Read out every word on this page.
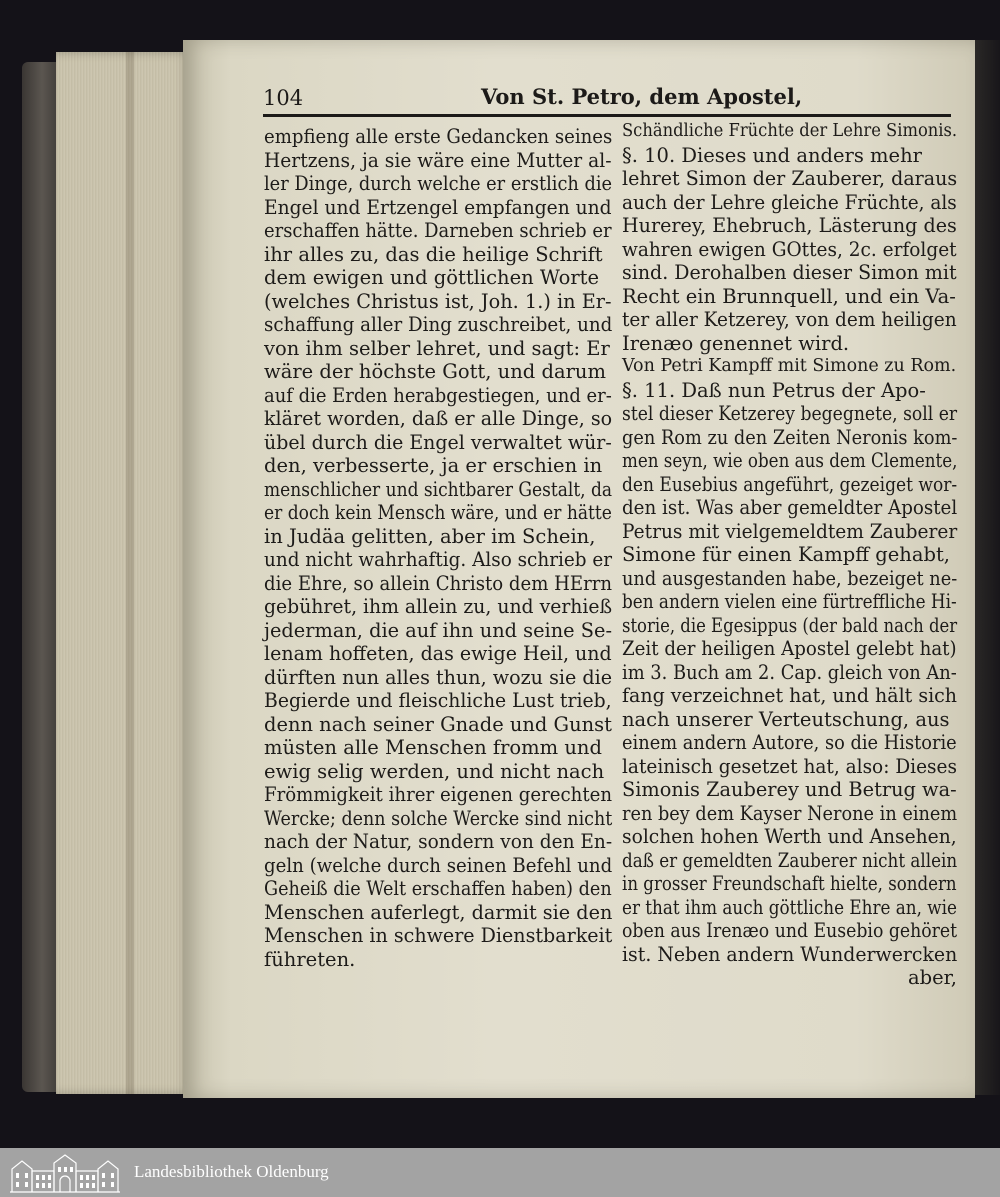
104	Von St. Petro, dem Apostel,
empfieng alle erste Gedancken seines
Hertzens, ja sie wäre eine Mutter al-
ler Dinge, durch welche er erstlich die
Engel und Ertzengel empfangen und
erschaffen hätte. Darneben schrieb er
ihr alles zu, das die heilige Schrift
dem ewigen und göttlichen Worte
(welches Christus ist, Joh. 1.) in Er-
schaffung aller Ding zuschreibet, und
von ihm selber lehret, und sagt: Er
wäre der höchste Gott, und darum
auf die Erden herabgestiegen, und er-
kläret worden, daß er alle Dinge, so
übel durch die Engel verwaltet wür-
den, verbesserte, ja er erschien in
menschlicher und sichtbarer Gestalt, da
er doch kein Mensch wäre, und er hätte
in Judäa gelitten, aber im Schein,
und nicht wahrhaftig. Also schrieb er
die Ehre, so allein Christo dem HErrn
gebühret, ihm allein zu, und verhieß
jederman, die auf ihn und seine Se-
lenam hoffeten, das ewige Heil, und
dürften nun alles thun, wozu sie die
Begierde und fleischliche Lust trieb,
denn nach seiner Gnade und Gunst
müsten alle Menschen fromm und
ewig selig werden, und nicht nach
Frömmigkeit ihrer eigenen gerechten
Wercke; denn solche Wercke sind nicht
nach der Natur, sondern von den En-
geln (welche durch seinen Befehl und
Geheiß die Welt erschaffen haben) den
Menschen auferlegt, darmit sie den
Menschen in schwere Dienstbarkeit
führeten.
Schändliche Früchte der Lehre Simonis.
§. 10. Dieses und anders mehr
lehret Simon der Zauberer, daraus
auch der Lehre gleiche Früchte, als
Hurerey, Ehebruch, Lästerung des
wahren ewigen GOttes, 2c. erfolget
sind. Derohalben dieser Simon mit
Recht ein Brunnquell, und ein Va-
ter aller Ketzerey, von dem heiligen
Irenæo genennet wird.
Von Petri Kampff mit Simone zu Rom.
§. 11. Daß nun Petrus der Apo-
stel dieser Ketzerey begegnete, soll er
gen Rom zu den Zeiten Neronis kom-
men seyn, wie oben aus dem Clemente,
den Eusebius angeführt, gezeiget wor-
den ist. Was aber gemeldter Apostel
Petrus mit vielgemeldtem Zauberer
Simone für einen Kampff gehabt,
und ausgestanden habe, bezeiget ne-
ben andern vielen eine fürtreffliche Hi-
storie, die Egesippus (der bald nach der
Zeit der heiligen Apostel gelebt hat)
im 3. Buch am 2. Cap. gleich von An-
fang verzeichnet hat, und hält sich
nach unserer Verteutschung, aus
einem andern Autore, so die Historie
lateinisch gesetzet hat, also: Dieses
Simonis Zauberey und Betrug wa-
ren bey dem Kayser Nerone in einem
solchen hohen Werth und Ansehen,
daß er gemeldten Zauberer nicht allein
in grosser Freundschaft hielte, sondern
er that ihm auch göttliche Ehre an, wie
oben aus Irenæo und Eusebio gehöret
ist. Neben andern Wunderwercken
aber,
Landesbibliothek Oldenburg
